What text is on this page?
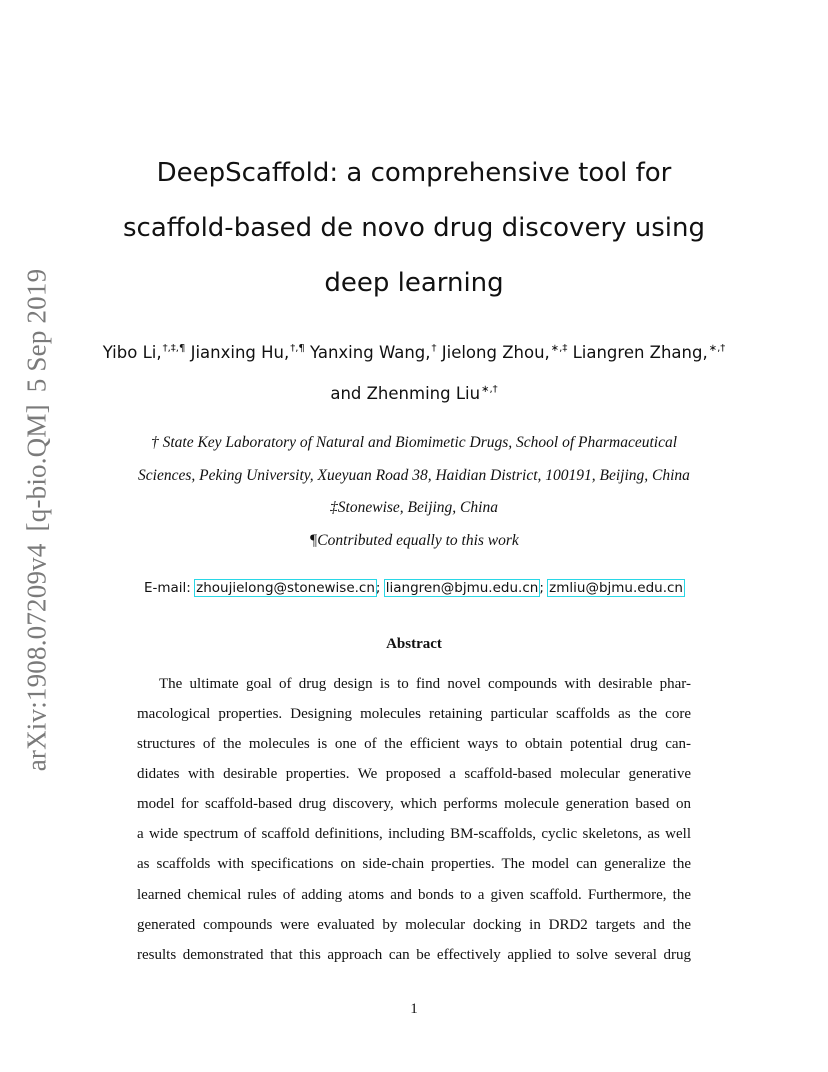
arXiv:1908.07209v4[q-bio.QM]5 Sep 2019
DeepScaffold: a comprehensive tool for
scaffold-based de novo drug discovery using
deep learning
Yibo Li,†,‡,¶ Jianxing Hu,†,¶ Yanxing Wang,† Jielong Zhou,∗,‡ Liangren Zhang,∗,†
and Zhenming Liu∗,†
† State Key Laboratory of Natural and Biomimetic Drugs, School of Pharmaceutical
Sciences, Peking University, Xueyuan Road 38, Haidian District, 100191, Beijing, China
‡Stonewise, Beijing, China
¶Contributed equally to this work
E-mail: zhoujielong@stonewise.cn; liangren@bjmu.edu.cn; zmliu@bjmu.edu.cn
Abstract
The ultimate goal of drug design is to find novel compounds with desirable phar-
macological properties. Designing molecules retaining particular scaffolds as the core
structures of the molecules is one of the efficient ways to obtain potential drug can-
didates with desirable properties. We proposed a scaffold-based molecular generative
model for scaffold-based drug discovery, which performs molecule generation based on
a wide spectrum of scaffold definitions, including BM-scaffolds, cyclic skeletons, as well
as scaffolds with specifications on side-chain properties. The model can generalize the
learned chemical rules of adding atoms and bonds to a given scaffold. Furthermore, the
generated compounds were evaluated by molecular docking in DRD2 targets and the
results demonstrated that this approach can be effectively applied to solve several drug
1
